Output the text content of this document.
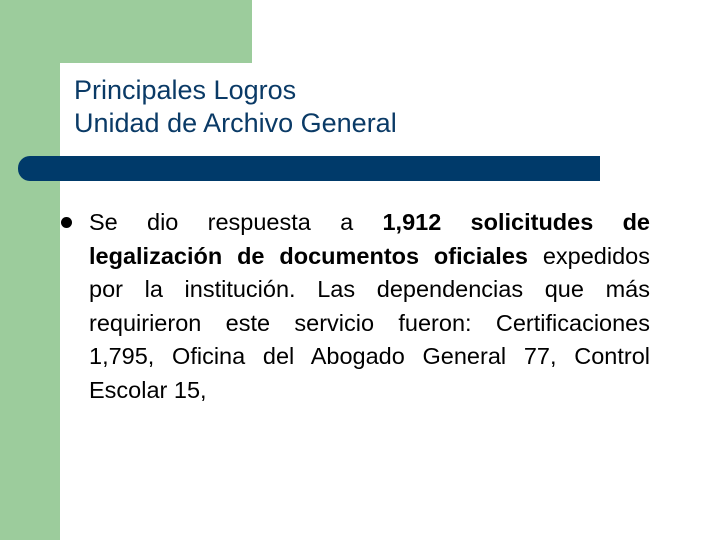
Principales Logros
Unidad de Archivo General

Se dio respuesta a 1,912 solicitudes de legalización de documentos oficiales expedidos por la institución. Las dependencias que más requirieron este servicio fueron: Certificaciones 1,795, Oficina del Abogado General 77, Control Escolar 15,
